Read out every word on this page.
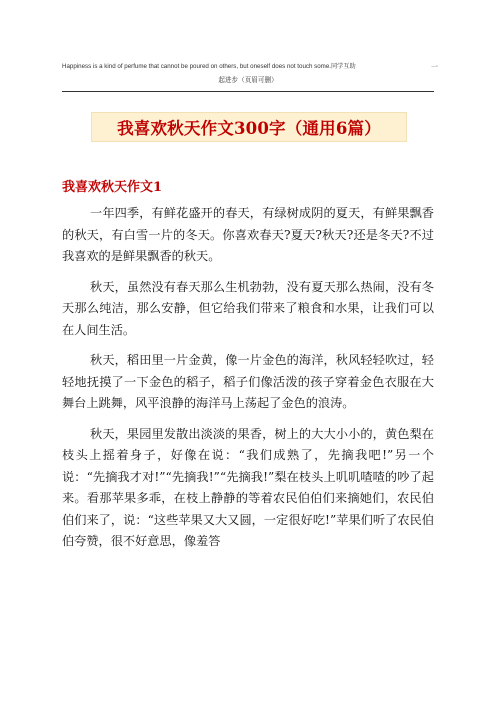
Happiness is a kind of perfume that cannot be poured on others, but oneself does not touch some.同学互助	一
起进步（页眉可删）
我喜欢秋天作文300字（通用6篇）
我喜欢秋天作文1

一年四季，有鲜花盛开的春天，有绿树成阴的夏天，有鲜果飘香的秋天，有白雪一片的冬天。你喜欢春天?夏天?秋天?还是冬天?不过我喜欢的是鲜果飘香的秋天。

秋天，虽然没有春天那么生机勃勃，没有夏天那么热闹，没有冬天那么纯洁，那么安静，但它给我们带来了粮食和水果，让我们可以在人间生活。

秋天，稻田里一片金黄，像一片金色的海洋，秋风轻轻吹过，轻轻地抚摸了一下金色的稻子，稻子们像活泼的孩子穿着金色衣服在大舞台上跳舞，风平浪静的海洋马上荡起了金色的浪涛。

秋天，果园里发散出淡淡的果香，树上的大大小小的，黄色梨在枝头上摇着身子，好像在说：“我们成熟了，先摘我吧!”另一个说：“先摘我才对!”“先摘我!”“先摘我!”梨在枝头上叽叽喳喳的吵了起来。看那苹果多乖，在枝上静静的等着农民伯伯们来摘她们，农民伯伯们来了，说：“这些苹果又大又圆，一定很好吃!”苹果们听了农民伯伯夸赞，很不好意思，像羞答
